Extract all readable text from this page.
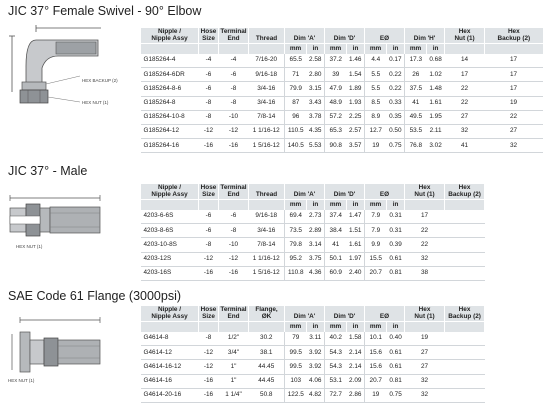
JIC 37° Female Swivel - 90° Elbow
HEX BACKUP (2)
HEX NUT (1)
Nipple /
Nipple Assy	Hose
Size	Terminal
End	Thread	Dim 'A'		Dim 'D'		EØ		Dim 'H'		Hex
Nut (1)	Hex
Backup (2)
				mm	in	mm	in	mm	in	mm	in		
G185264-4	-4	-4	7/16-20	65.5	2.58	37.2	1.46	4.4	0.17	17.3	0.68	14	17
G185264-6DR	-6	-6	9/16-18	71	2.80	39	1.54	5.5	0.22	26	1.02	17	17
G185264-8-6	-6	-8	3/4-16	79.9	3.15	47.9	1.89	5.5	0.22	37.5	1.48	22	17
G185264-8	-8	-8	3/4-16	87	3.43	48.9	1.93	8.5	0.33	41	1.61	22	19
G185264-10-8	-8	-10	7/8-14	96	3.78	57.2	2.25	8.9	0.35	49.5	1.95	27	22
G185264-12	-12	-12	1 1/16-12	110.5	4.35	65.3	2.57	12.7	0.50	53.5	2.11	32	27
G185264-16	-16	-16	1 5/16-12	140.5	5.53	90.8	3.57	19	0.75	76.8	3.02	41	32
JIC 37° - Male
HEX NUT (1)
Nipple /
Nipple Assy	Hose
Size	Terminal
End	Thread	Dim 'A'		Dim 'D'		EØ		Hex
Nut (1)	Hex
Backup (2)	
				mm	in	mm	in	mm	in			
4203-6-6S	-6	-6	9/16-18	69.4	2.73	37.4	1.47	7.9	0.31	17		
4203-8-6S	-6	-8	3/4-16	73.5	2.89	38.4	1.51	7.9	0.31	22		
4203-10-8S	-8	-10	7/8-14	79.8	3.14	41	1.61	9.9	0.39	22		
4203-12S	-12	-12	1 1/16-12	95.2	3.75	50.1	1.97	15.5	0.61	32		
4203-16S	-16	-16	1 5/16-12	110.8	4.36	60.9	2.40	20.7	0.81	38		
SAE Code 61 Flange (3000psi)
HEX NUT (1)
Nipple /
Nipple Assy	Hose
Size	Terminal
End	Flange,
ØK	Dim 'A'		Dim 'D'		EØ		Hex
Nut (1)	Hex
Backup (2)	
				mm	in	mm	in	mm	in			
G4614-8	-8	1/2"	30.2	79	3.11	40.2	1.58	10.1	0.40	19		
G4614-12	-12	3/4"	38.1	99.5	3.92	54.3	2.14	15.6	0.61	27		
G4614-16-12	-12	1"	44.45	99.5	3.92	54.3	2.14	15.6	0.61	27		
G4614-16	-16	1"	44.45	103	4.06	53.1	2.09	20.7	0.81	32		
G4614-20-16	-16	1 1/4"	50.8	122.5	4.82	72.7	2.86	19	0.75	32		
